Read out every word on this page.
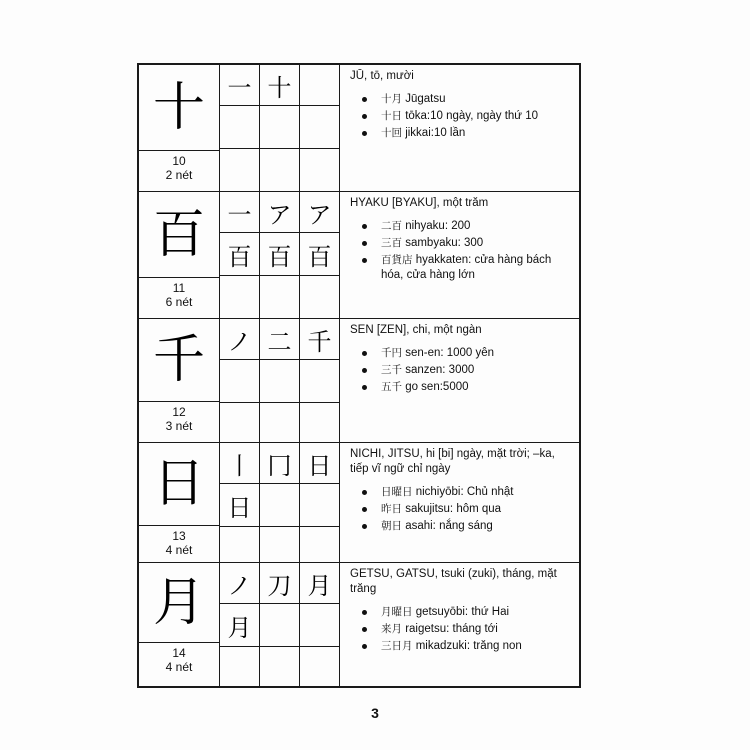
十
10
2 nét
一 十	JŪ, tō, mười
十月 Jūgatsu
十日 tōka:10 ngày, ngày thứ 10
十回 jikkai:10 lần
百
11
6 nét
一 ア ア
百 百 百
HYAKU [BYAKU], một trăm
二百 nihyaku: 200
三百 sambyaku: 300
百貨店 hyakkaten: cửa hàng bách hóa, cửa hàng lớn
千
12
3 nét
ノ 二 千	SEN [ZEN], chi, một ngàn
千円 sen-en: 1000 yên
三千 sanzen: 3000
五千 go sen:5000
日
13
4 nét
丨 冂 日
日
NICHI, JITSU, hi [bi] ngày, mặt trời; –ka, tiếp vĩ ngữ chỉ ngày
日曜日 nichiyōbi: Chủ nhật
昨日 sakujitsu: hôm qua
朝日 asahi: nắng sáng
月
14
4 nét
ノ 刀 月
月
GETSU, GATSU, tsuki (zuki), tháng, mặt trăng
月曜日 getsuyōbi: thứ Hai
来月 raigetsu: tháng tới
三日月 mikadzuki: trăng non
3
